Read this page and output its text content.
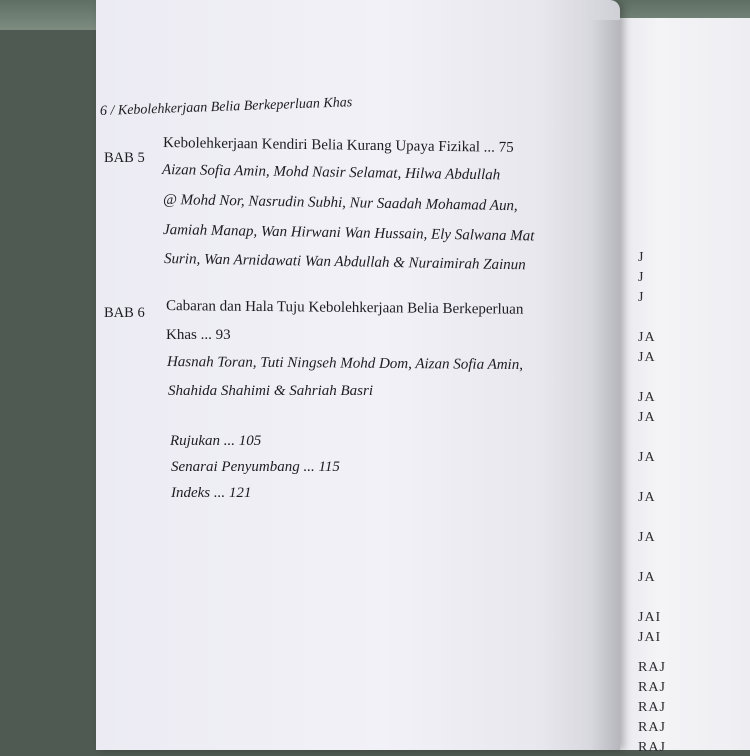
J
J
J
JA
JA
JA
JA
JA
JA
JA
JA
JAI
JAI
RAJ
RAJ
RAJ
RAJ
RAJ
6 / Kebolehkerjaan Belia Berkeperluan Khas
BAB 5
Kebolehkerjaan Kendiri Belia Kurang Upaya Fizikal ... 75
Aizan Sofia Amin, Mohd Nasir Selamat, Hilwa Abdullah
@ Mohd Nor, Nasrudin Subhi, Nur Saadah Mohamad Aun,
Jamiah Manap, Wan Hirwani Wan Hussain, Ely Salwana Mat
Surin, Wan Arnidawati Wan Abdullah & Nuraimirah Zainun
BAB 6 Cabaran dan Hala Tuju Kebolehkerjaan Belia Berkeperluan
Khas ... 93
Hasnah Toran, Tuti Ningseh Mohd Dom, Aizan Sofia Amin,
Shahida Shahimi & Sahriah Basri
Rujukan ... 105
Senarai Penyumbang ... 115
Indeks ... 121
